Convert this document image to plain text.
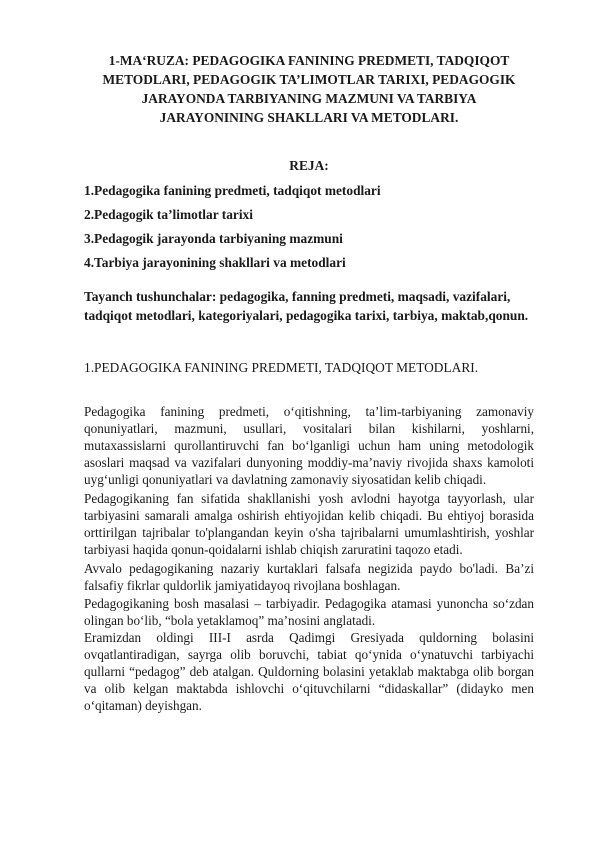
1-MA‘RUZA: PEDAGOGIKA FANINING PREDMETI, TADQIQOT
METODLARI, PEDAGOGIK TA’LIMOTLAR TARIXI, PEDAGOGIK
JARAYONDA TARBIYANING MAZMUNI VA TARBIYA
JARAYONINING SHAKLLARI VA METODLARI.
REJA:
1.Pedagogika fanining predmeti, tadqiqot metodlari
2.Pedagogik ta’limotlar tarixi
3.Pedagogik jarayonda tarbiyaning mazmuni
4.Tarbiya jarayonining shakllari va metodlari

Tayanch tushunchalar: pedagogika, fanning predmeti, maqsadi, vazifalari,
tadqiqot metodlari, kategoriyalari, pedagogika tarixi, tarbiya, maktab,qonun.

1.PEDAGOGIKA FANINING PREDMETI, TADQIQOT METODLARI.

Pedagogika fanining predmeti, o‘qitishning, ta’lim-tarbiyaning zamonaviy
qonuniyatlari, mazmuni, usullari, vositalari bilan kishilarni, yoshlarni,
mutaxassislarni qurollantiruvchi fan bo‘lganligi uchun ham uning metodologik
asoslari maqsad va vazifalari dunyoning moddiy-ma’naviy rivojida shaxs kamoloti
uyg‘unligi qonuniyatlari va davlatning zamonaviy siyosatidan kelib chiqadi.

Pedagogikaning fan sifatida shakllanishi yosh avlodni hayotga tayyorlash, ular
tarbiyasini samarali amalga oshirish ehtiyojidan kelib chiqadi. Bu ehtiyoj borasida
orttirilgan tajribalar to'plangandan keyin o'sha tajribalarni umumlashtirish, yoshlar
tarbiyasi haqida qonun-qoidalarni ishlab chiqish zaruratini taqozo etadi.

Avvalo pedagogikaning nazariy kurtaklari falsafa negizida paydo bo'ladi. Ba’zi
falsafiy fikrlar quldorlik jamiyatidayoq rivojlana boshlagan.

Pedagogikaning bosh masalasi – tarbiyadir. Pedagogika atamasi yunoncha so‘zdan
olingan bo‘lib, “bola yetaklamoq” ma’nosini anglatadi.

Eramizdan oldingi III-I asrda Qadimgi Gresiyada quldorning bolasini
ovqatlantiradigan, sayrga olib boruvchi, tabiat qo‘ynida o‘ynatuvchi tarbiyachi
qullarni “pedagog” deb atalgan. Quldorning bolasini yetaklab maktabga olib borgan
va olib kelgan maktabda ishlovchi o‘qituvchilarni “didaskallar” (didayko men
o‘qitaman) deyishgan.
